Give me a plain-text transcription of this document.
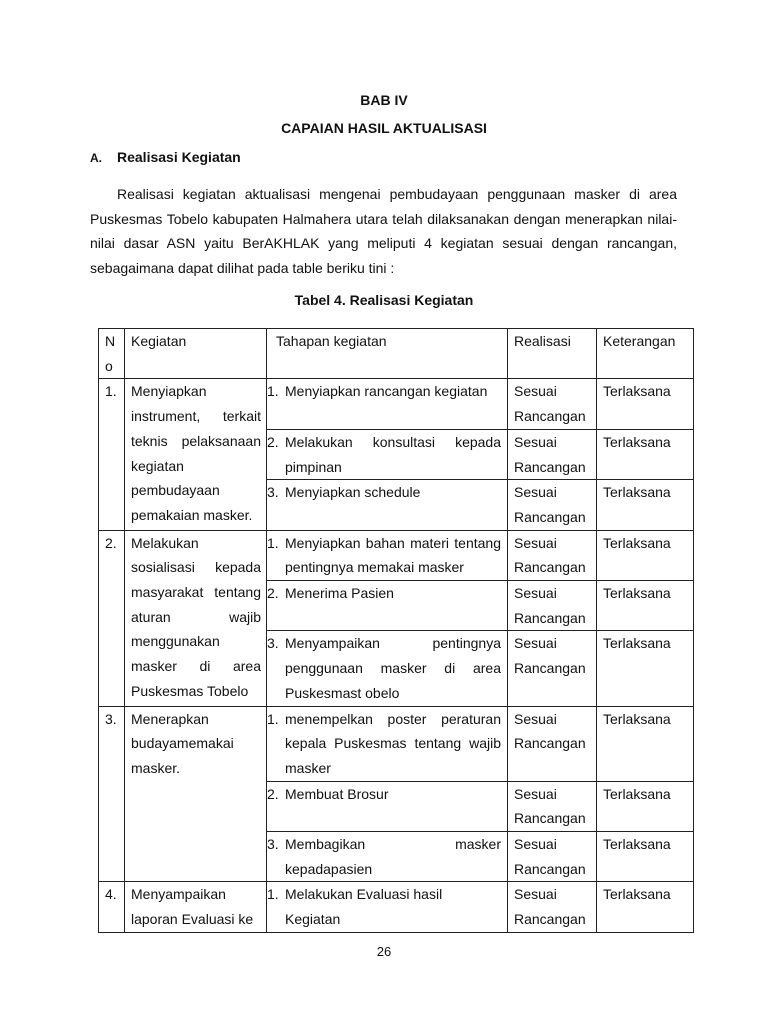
BAB IV
CAPAIAN HASIL AKTUALISASI
A. Realisasi Kegiatan

Realisasi kegiatan aktualisasi mengenai pembudayaan penggunaan masker di area Puskesmas Tobelo kabupaten Halmahera utara telah dilaksanakan dengan menerapkan nilai-nilai dasar ASN yaitu BerAKHLAK yang meliputi 4 kegiatan sesuai dengan rancangan, sebagaimana dapat dilihat pada table beriku tini :

Tabel 4. Realisasi Kegiatan
N o	Kegiatan	Tahapan kegiatan	Realisasi	Keterangan

1.	Menyiapkan instrument, terkait teknis pelaksanaan kegiatan pembudayaan pemakaian masker.	1. Menyiapkan rancangan kegiatan	Sesuai Rancangan	Terlaksana

		2. Melakukan konsultasi kepada pimpinan	Sesuai Rancangan	Terlaksana

		3. Menyiapkan schedule	Sesuai Rancangan	Terlaksana

2.	Melakukan sosialisasi kepada masyarakat tentang aturan wajib menggunakan masker di area Puskesmas Tobelo	1. Menyiapkan bahan materi tentang pentingnya memakai masker	Sesuai Rancangan	Terlaksana

		2. Menerima Pasien	Sesuai Rancangan	Terlaksana

		3. Menyampaikan pentingnya penggunaan masker di area Puskesmast obelo	Sesuai Rancangan	Terlaksana

3.	Menerapkan budayamemakai masker.	1. menempelkan poster peraturan kepala Puskesmas tentang wajib masker	Sesuai Rancangan	Terlaksana

		2. Membuat Brosur	Sesuai Rancangan	Terlaksana

		3. Membagikan masker kepadapasien	Sesuai Rancangan	Terlaksana

4.	Menyampaikan laporan Evaluasi ke	1. Melakukan Evaluasi hasil Kegiatan	Sesuai Rancangan	Terlaksana
26
